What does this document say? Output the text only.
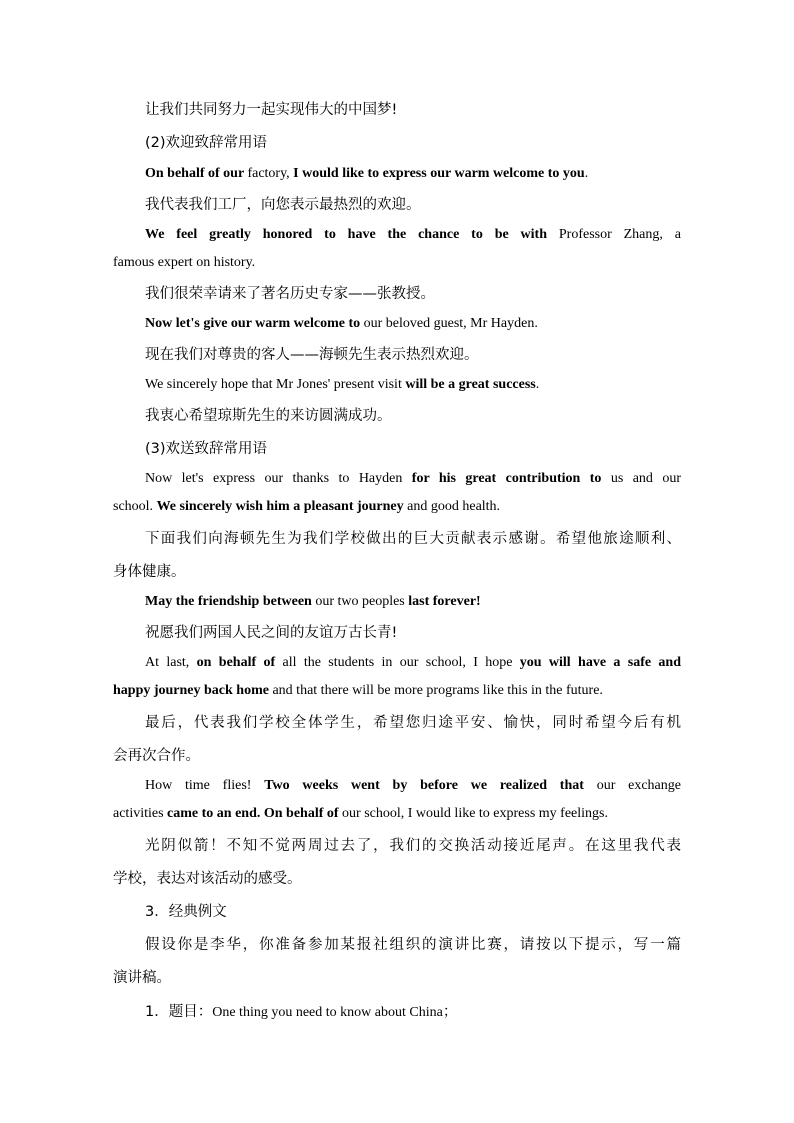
让我们共同努力一起实现伟大的中国梦!
(2)欢迎致辞常用语
On behalf of our factory, I would like to express our warm welcome to you.
我代表我们工厂，向您表示最热烈的欢迎。
We feel greatly honored to have the chance to be with Professor Zhang, a
famous expert on history.
我们很荣幸请来了著名历史专家——张教授。
Now let's give our warm welcome to our beloved guest, Mr Hayden.
现在我们对尊贵的客人——海顿先生表示热烈欢迎。
We sincerely hope that Mr Jones' present visit will be a great success.
我衷心希望琼斯先生的来访圆满成功。
(3)欢送致辞常用语
Now let's express our thanks to Hayden for his great contribution to us and our
school. We sincerely wish him a pleasant journey and good health.
下面我们向海顿先生为我们学校做出的巨大贡献表示感谢。希望他旅途顺利、
身体健康。
May the friendship between our two peoples last forever!
祝愿我们两国人民之间的友谊万古长青!
At last, on behalf of all the students in our school, I hope you will have a safe and
happy journey back home and that there will be more programs like this in the future.
最后，代表我们学校全体学生，希望您归途平安、愉快，同时希望今后有机
会再次合作。
How time flies! Two weeks went by before we realized that our exchange
activities came to an end. On behalf of our school, I would like to express my feelings.
光阴似箭！不知不觉两周过去了，我们的交换活动接近尾声。在这里我代表
学校，表达对该活动的感受。
3．经典例文
假设你是李华，你准备参加某报社组织的演讲比赛，请按以下提示，写一篇
演讲稿。
1．题目：One thing you need to know about China；
